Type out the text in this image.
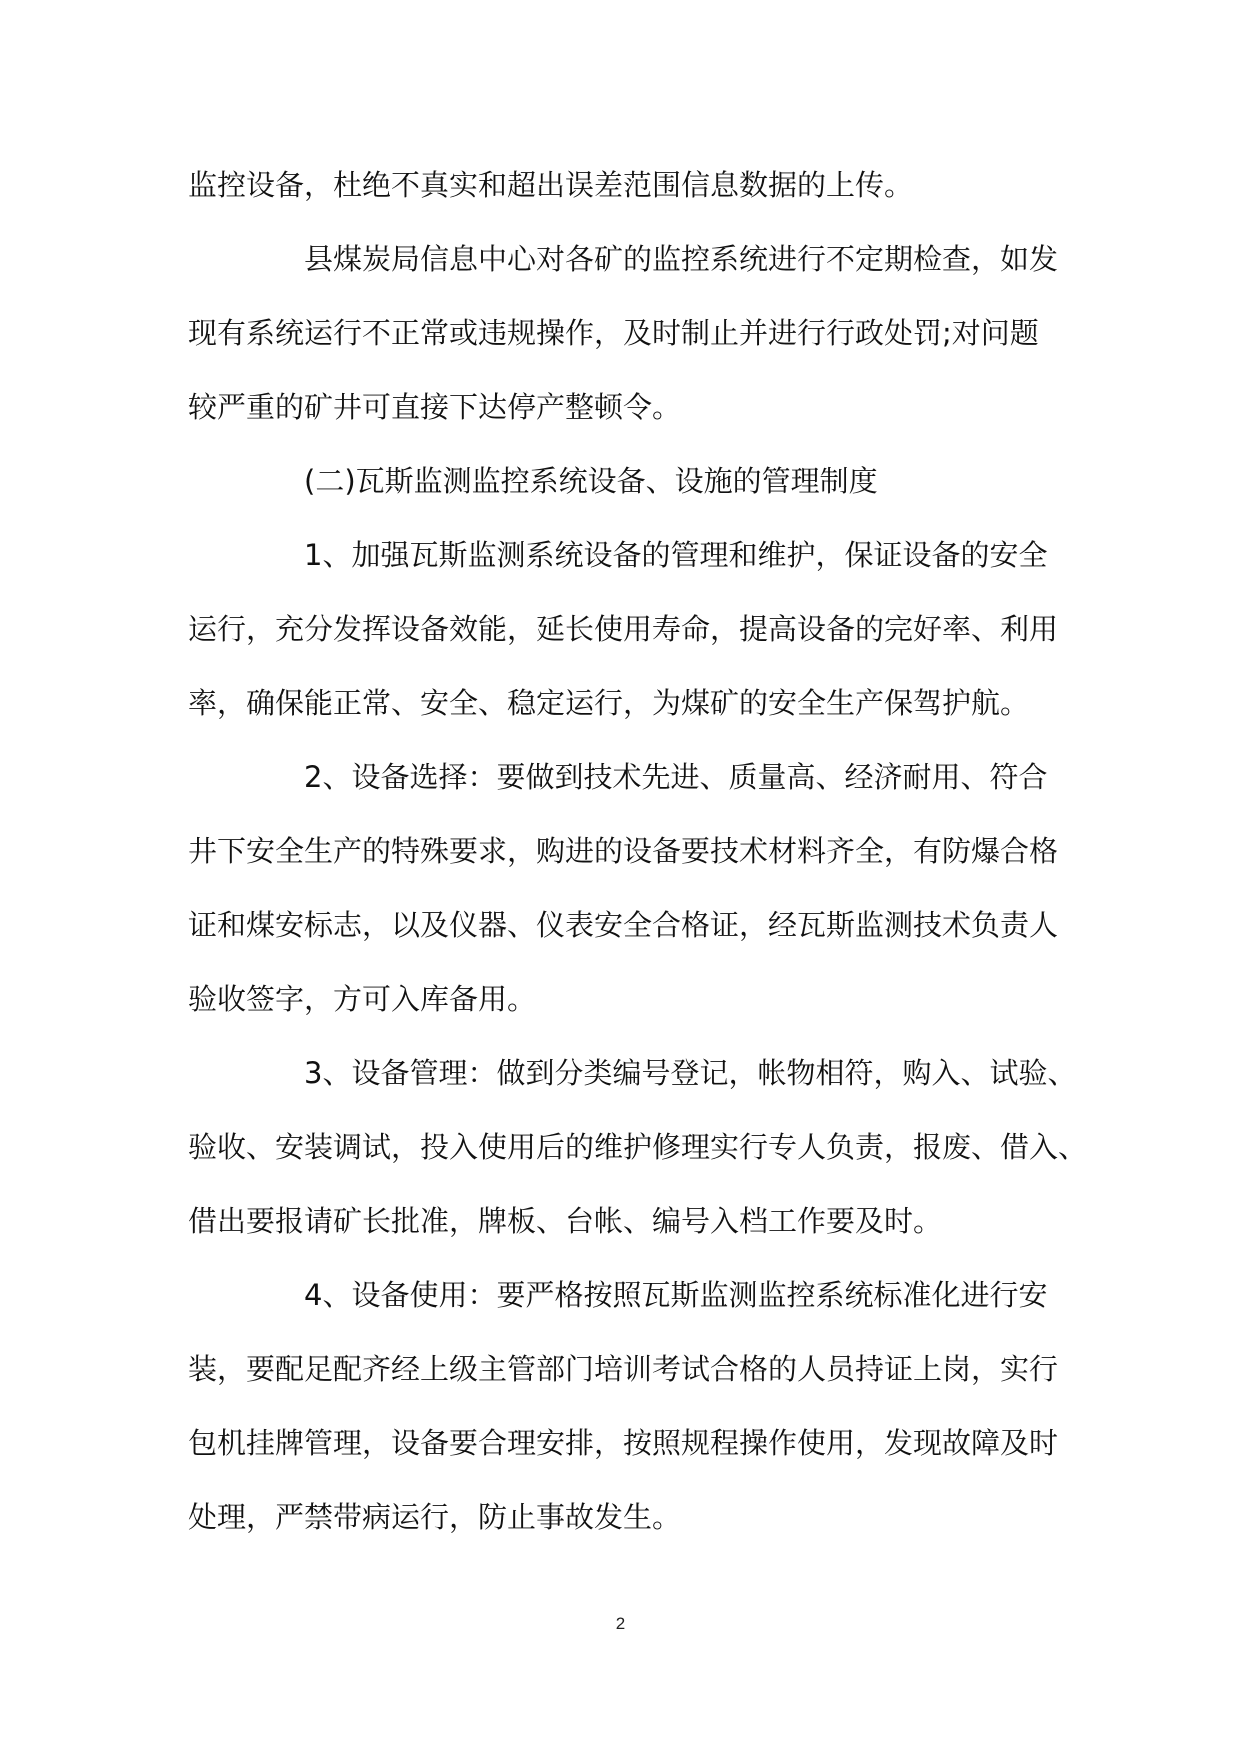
监控设备，杜绝不真实和超出误差范围信息数据的上传。

县煤炭局信息中心对各矿的监控系统进行不定期检查，如发
现有系统运行不正常或违规操作，及时制止并进行行政处罚;对问题
较严重的矿井可直接下达停产整顿令。

(二)瓦斯监测监控系统设备、设施的管理制度

1、加强瓦斯监测系统设备的管理和维护，保证设备的安全
运行，充分发挥设备效能，延长使用寿命，提高设备的完好率、利用
率，确保能正常、安全、稳定运行，为煤矿的安全生产保驾护航。

2、设备选择：要做到技术先进、质量高、经济耐用、符合
井下安全生产的特殊要求，购进的设备要技术材料齐全，有防爆合格
证和煤安标志，以及仪器、仪表安全合格证，经瓦斯监测技术负责人
验收签字，方可入库备用。

3、设备管理：做到分类编号登记，帐物相符，购入、试验、
验收、安装调试，投入使用后的维护修理实行专人负责，报废、借入、
借出要报请矿长批准，牌板、台帐、编号入档工作要及时。

4、设备使用：要严格按照瓦斯监测监控系统标准化进行安
装，要配足配齐经上级主管部门培训考试合格的人员持证上岗，实行
包机挂牌管理，设备要合理安排，按照规程操作使用，发现故障及时
处理，严禁带病运行，防止事故发生。

2
